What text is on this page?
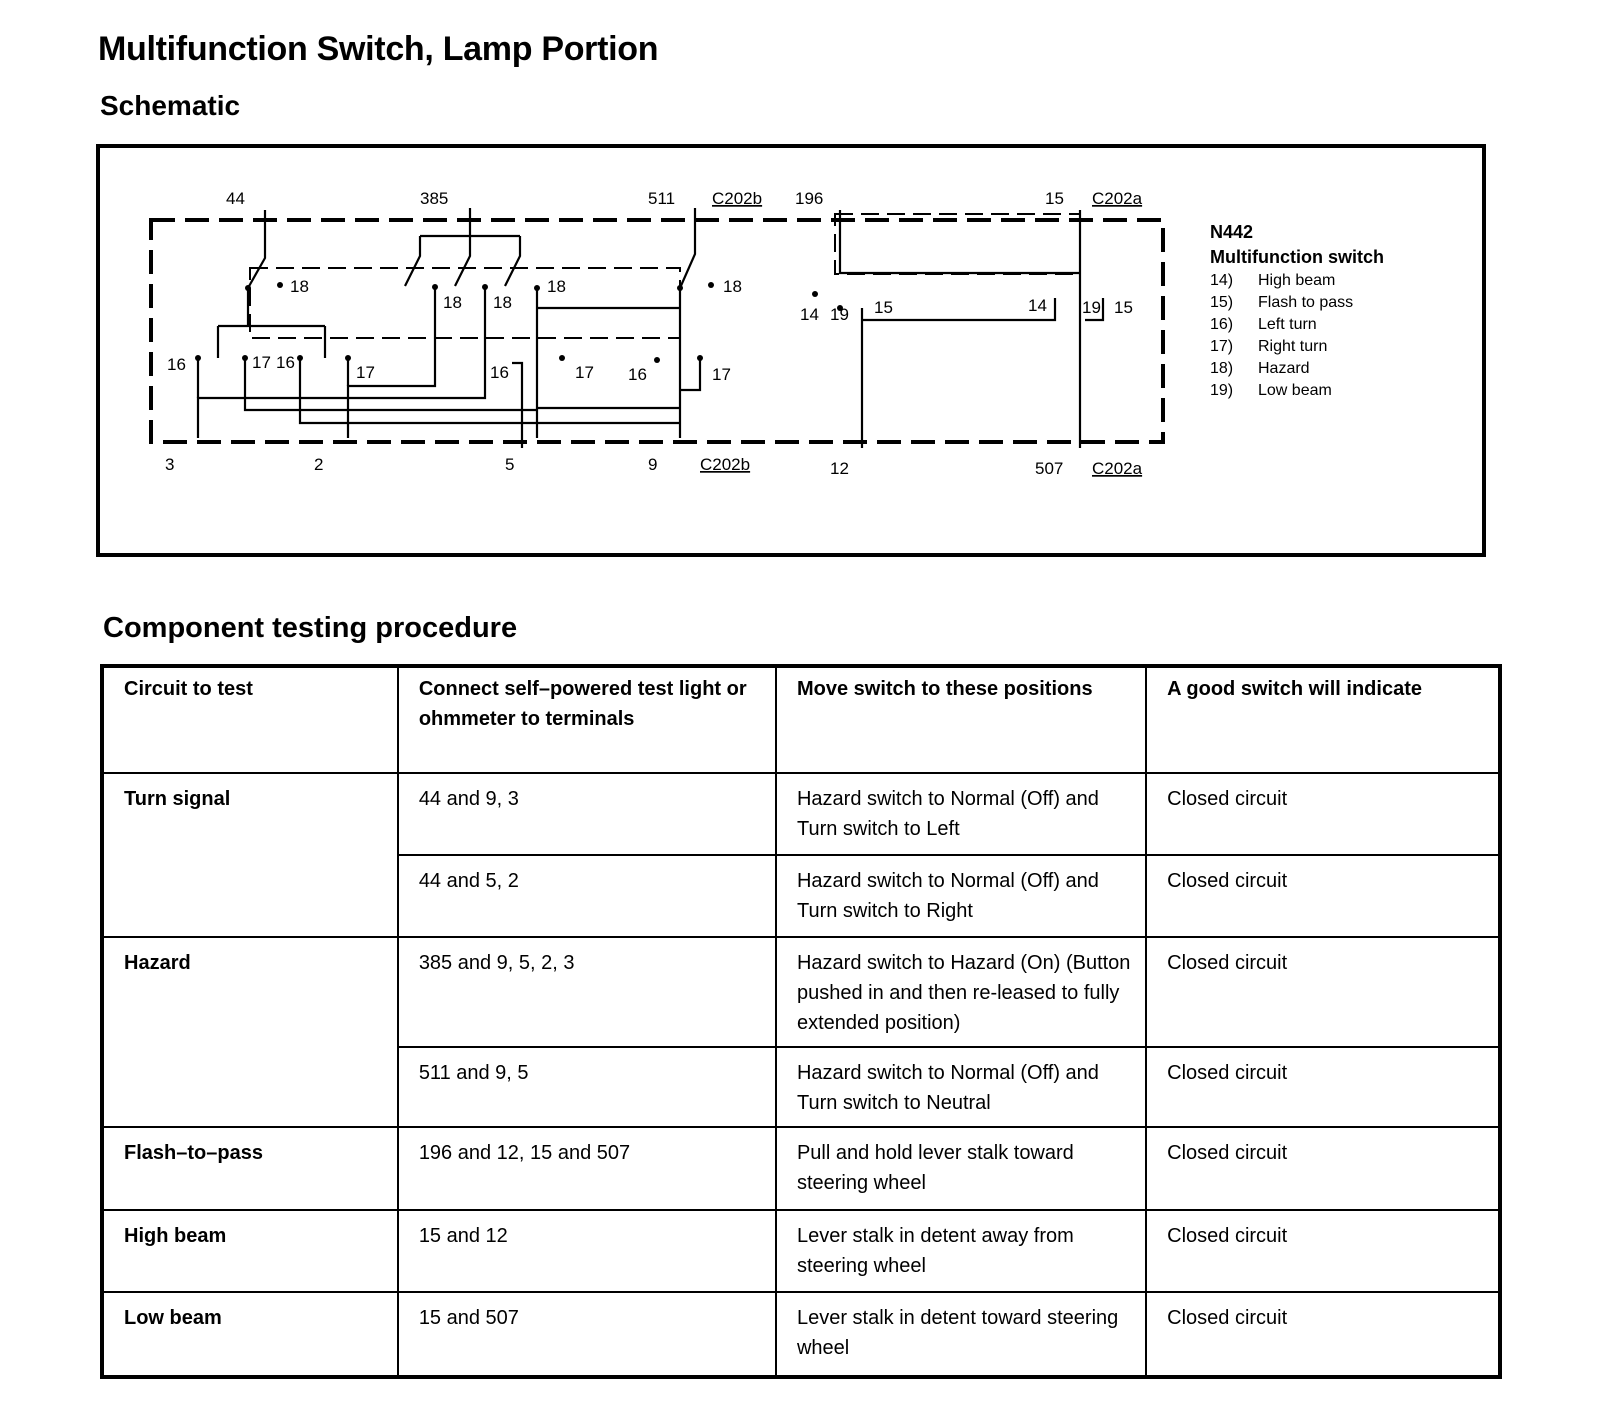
Multifunction Switch, Lamp Portion
Schematic
44	385	511 C202b 196	15 C202a
3	2	5	9	C202b	12	507 C202a
18
18 18
18	18
16	17 16
17	16	17 16	17
14 19 15	14 19 15
N442
Multifunction switch
14)	High beam
15)	Flash to pass
16)	Left turn
17)	Right turn
18)	Hazard
19)	Low beam
Component testing procedure
Circuit to test	Connect self–powered test light or ohmmeter to terminals	Move switch to these positions	A good switch will indicate
Turn signal	44 and 9, 3	Hazard switch to Normal (Off) and Turn switch to Left	Closed circuit
	44 and 5, 2	Hazard switch to Normal (Off) and Turn switch to Right	Closed circuit
Hazard	385 and 9, 5, 2, 3	Hazard switch to Hazard (On) (Button pushed in and then re-leased to fully extended position)	Closed circuit
	511 and 9, 5	Hazard switch to Normal (Off) and Turn switch to Neutral	Closed circuit
Flash–to–pass	196 and 12, 15 and 507	Pull and hold lever stalk toward steering wheel	Closed circuit
High beam	15 and 12	Lever stalk in detent away from steering wheel	Closed circuit
Low beam	15 and 507	Lever stalk in detent toward steering wheel	Closed circuit
